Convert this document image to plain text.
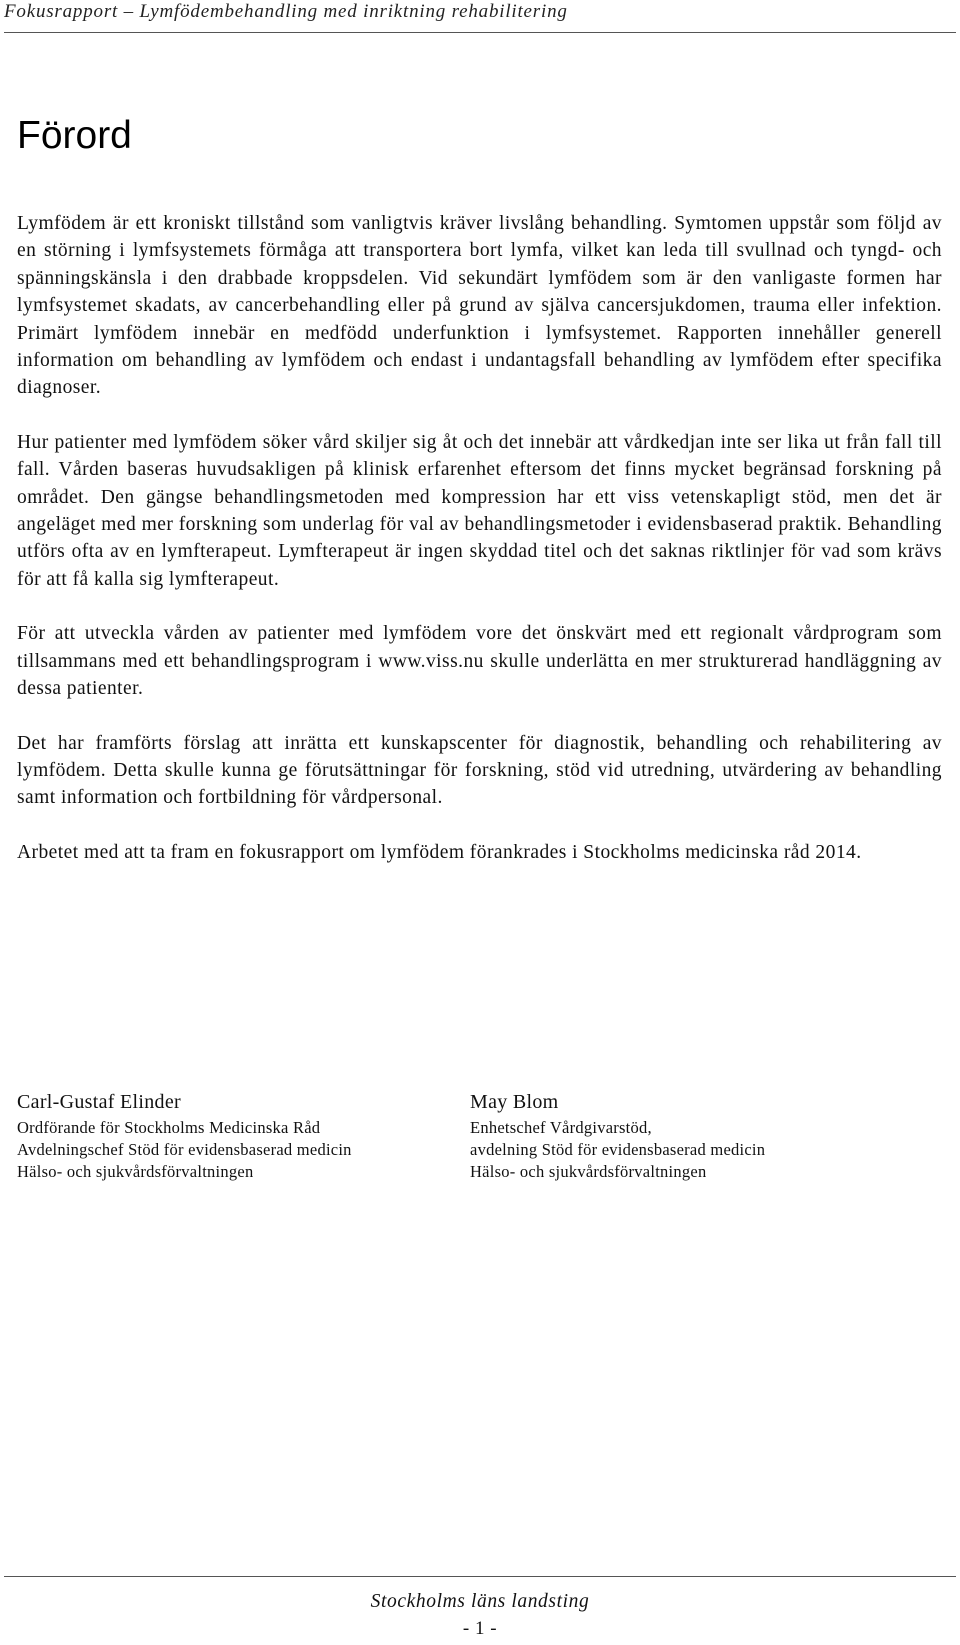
Fokusrapport – Lymfödembehandling med inriktning rehabilitering
Förord

Lymfödem är ett kroniskt tillstånd som vanligtvis kräver livslång behandling. Symtomen uppstår som följd av en störning i lymfsystemets förmåga att transportera bort lymfa, vilket kan leda till svullnad och tyngd- och spänningskänsla i den drabbade kroppsdelen. Vid sekundärt lymfödem som är den vanligaste formen har lymfsystemet skadats, av cancerbehandling eller på grund av själva cancersjukdomen, trauma eller infektion. Primärt lymfödem innebär en medfödd underfunktion i lymfsystemet. Rapporten innehåller generell information om behandling av lymfödem och endast i undantagsfall behandling av lymfödem efter specifika diagnoser.

Hur patienter med lymfödem söker vård skiljer sig åt och det innebär att vårdkedjan inte ser lika ut från fall till fall. Vården baseras huvudsakligen på klinisk erfarenhet eftersom det finns mycket begränsad forskning på området. Den gängse behandlingsmetoden med kompression har ett viss vetenskapligt stöd, men det är angeläget med mer forskning som underlag för val av behandlingsmetoder i evidensbaserad praktik. Behandling utförs ofta av en lymfterapeut. Lymfterapeut är ingen skyddad titel och det saknas riktlinjer för vad som krävs för att få kalla sig lymfterapeut.

För att utveckla vården av patienter med lymfödem vore det önskvärt med ett regionalt vårdprogram som tillsammans med ett behandlingsprogram i www.viss.nu skulle underlätta en mer strukturerad handläggning av dessa patienter.

Det har framförts förslag att inrätta ett kunskapscenter för diagnostik, behandling och rehabilitering av lymfödem. Detta skulle kunna ge förutsättningar för forskning, stöd vid utredning, utvärdering av behandling samt information och fortbildning för vårdpersonal.

Arbetet med att ta fram en fokusrapport om lymfödem förankrades i Stockholms medicinska råd 2014.

Carl-Gustaf Elinder
Ordförande för Stockholms Medicinska Råd
Avdelningschef Stöd för evidensbaserad medicin
Hälso- och sjukvårdsförvaltningen
May Blom
Enhetschef Vårdgivarstöd,
avdelning Stöd för evidensbaserad medicin
Hälso- och sjukvårdsförvaltningen
Stockholms läns landsting
- 1 -
